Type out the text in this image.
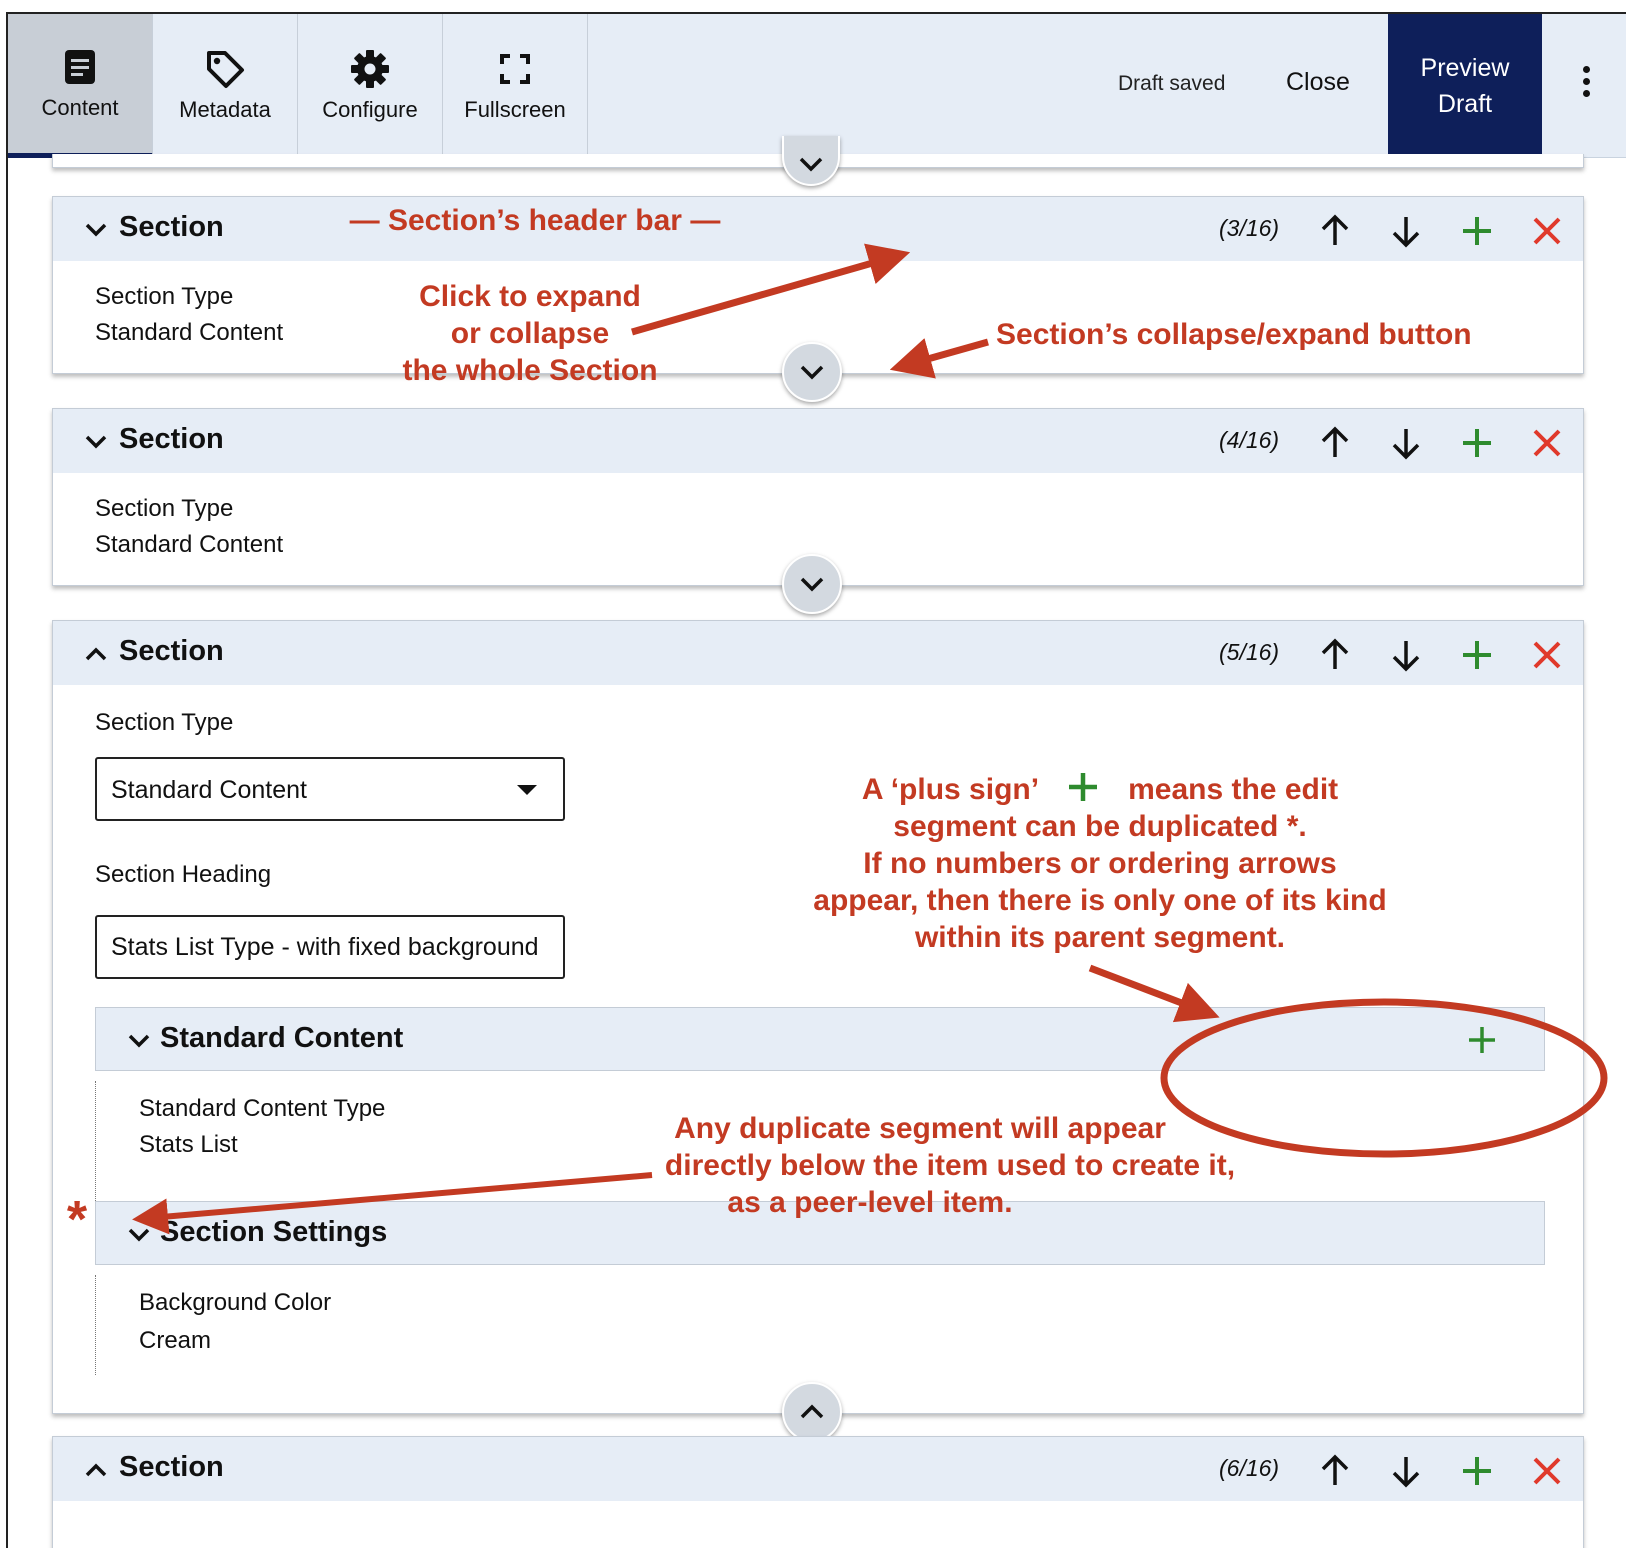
Content	Metadata Configure Fullscreen
Draft saved Close	Preview
Draft
Section	(3/16)
Section Type
Standard Content
Section	(4/16)
Section Type
Standard Content
Section	(5/16)
Section Type
Standard Content
Section Heading
Stats List Type - with fixed background
Standard Content
Standard Content Type
Stats List
Section Settings
Background Color
Cream
Section	(6/16)
— Section’s header bar —
Click to expand
or collapse
the whole Section
Section’s collapse/expand button
A ‘plus sign’	means the edit
segment can be duplicated *.
If no numbers or ordering arrows
appear, then there is only one of its kind
within its parent segment.
Any duplicate segment will appear
directly below the item used to create it,
as a peer-level item.
*
